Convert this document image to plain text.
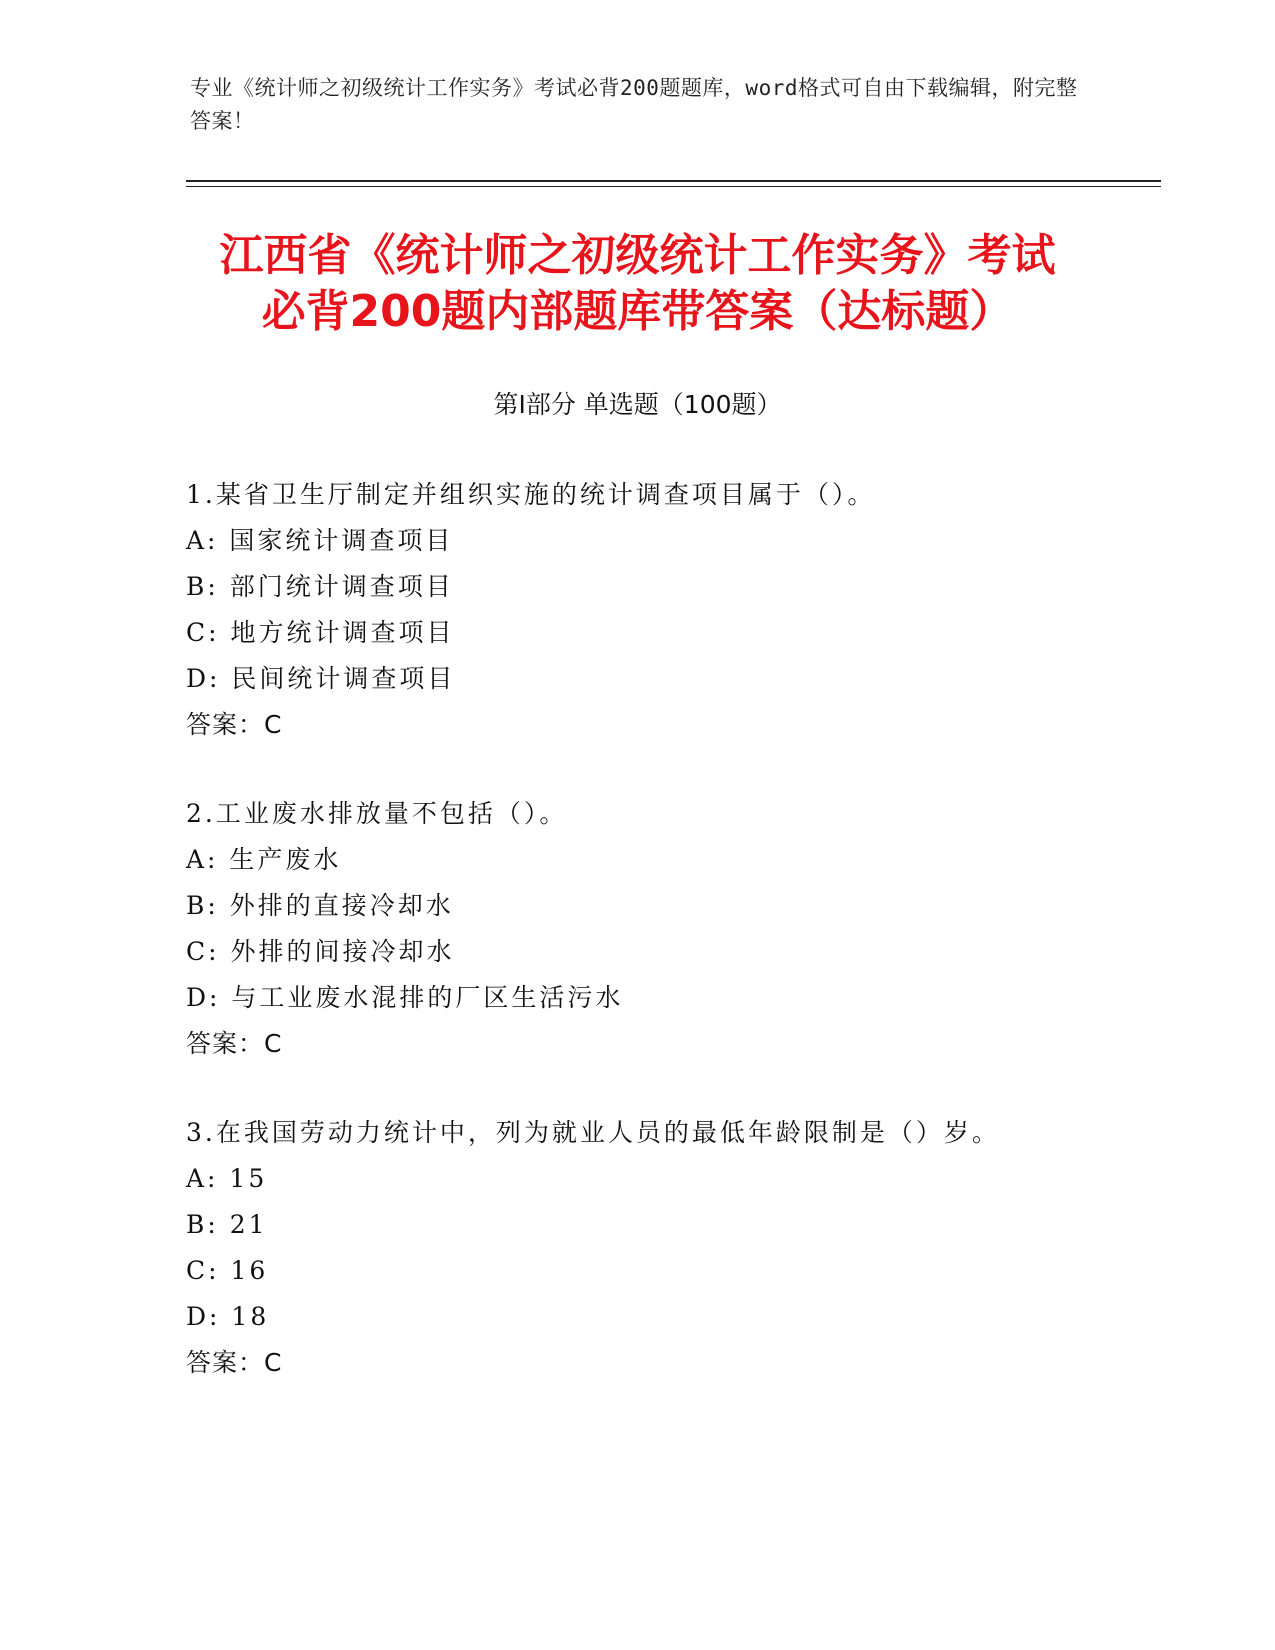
专业《统计师之初级统计工作实务》考试必背200题题库，word格式可自由下载编辑，附完整答案！
江西省《统计师之初级统计工作实务》考试
必背200题内部题库带答案（达标题）
第Ⅰ部分 单选题（100题）
1.某省卫生厅制定并组织实施的统计调查项目属于（）。
A: 国家统计调查项目
B: 部门统计调查项目
C: 地方统计调查项目
D: 民间统计调查项目
答案：C
2.工业废水排放量不包括（）。
A: 生产废水
B: 外排的直接冷却水
C: 外排的间接冷却水
D: 与工业废水混排的厂区生活污水
答案：C
3.在我国劳动力统计中，列为就业人员的最低年龄限制是（）岁。
A: 15
B: 21
C: 16
D: 18
答案：C
